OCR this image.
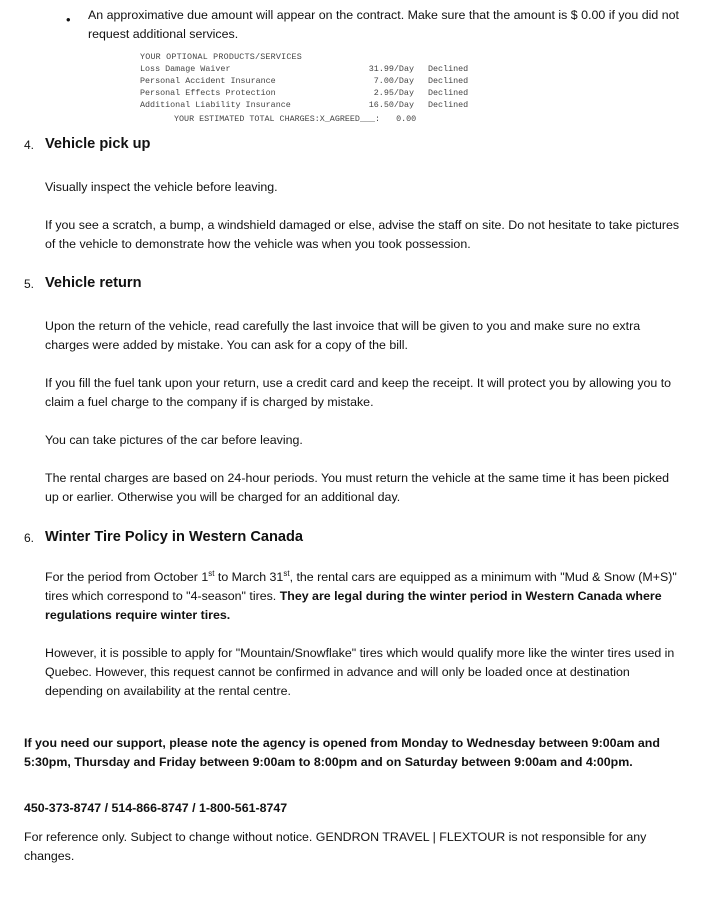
• An approximative due amount will appear on the contract. Make sure that the amount is $ 0.00 if you did not request additional services.
YOUR OPTIONAL PRODUCTS/SERVICES
Loss Damage Waiver	31.99/Day	Declined
Personal Accident Insurance	7.00/Day	Declined
Personal Effects Protection	2.95/Day	Declined
Additional Liability Insurance	16.50/Day	Declined
YOUR ESTIMATED TOTAL CHARGES:X_AGREED___: 0.00
4. Vehicle pick up
Visually inspect the vehicle before leaving.
If you see a scratch, a bump, a windshield damaged or else, advise the staff on site. Do not hesitate to take pictures of the vehicle to demonstrate how the vehicle was when you took possession.
5. Vehicle return
Upon the return of the vehicle, read carefully the last invoice that will be given to you and make sure no extra charges were added by mistake. You can ask for a copy of the bill.
If you fill the fuel tank upon your return, use a credit card and keep the receipt. It will protect you by allowing you to claim a fuel charge to the company if is charged by mistake.
You can take pictures of the car before leaving.
The rental charges are based on 24-hour periods. You must return the vehicle at the same time it has been picked up or earlier. Otherwise you will be charged for an additional day.
6. Winter Tire Policy in Western Canada
For the period from October 1st to March 31st, the rental cars are equipped as a minimum with "Mud & Snow (M+S)" tires which correspond to "4-season" tires. They are legal during the winter period in Western Canada where regulations require winter tires.
However, it is possible to apply for "Mountain/Snowflake" tires which would qualify more like the winter tires used in Quebec. However, this request cannot be confirmed in advance and will only be loaded once at destination depending on availability at the rental centre.
If you need our support, please note the agency is opened from Monday to Wednesday between 9:00am and 5:30pm, Thursday and Friday between 9:00am to 8:00pm and on Saturday between 9:00am and 4:00pm.
450-373-8747 / 514-866-8747 / 1-800-561-8747
For reference only. Subject to change without notice. GENDRON TRAVEL | FLEXTOUR is not responsible for any changes.
